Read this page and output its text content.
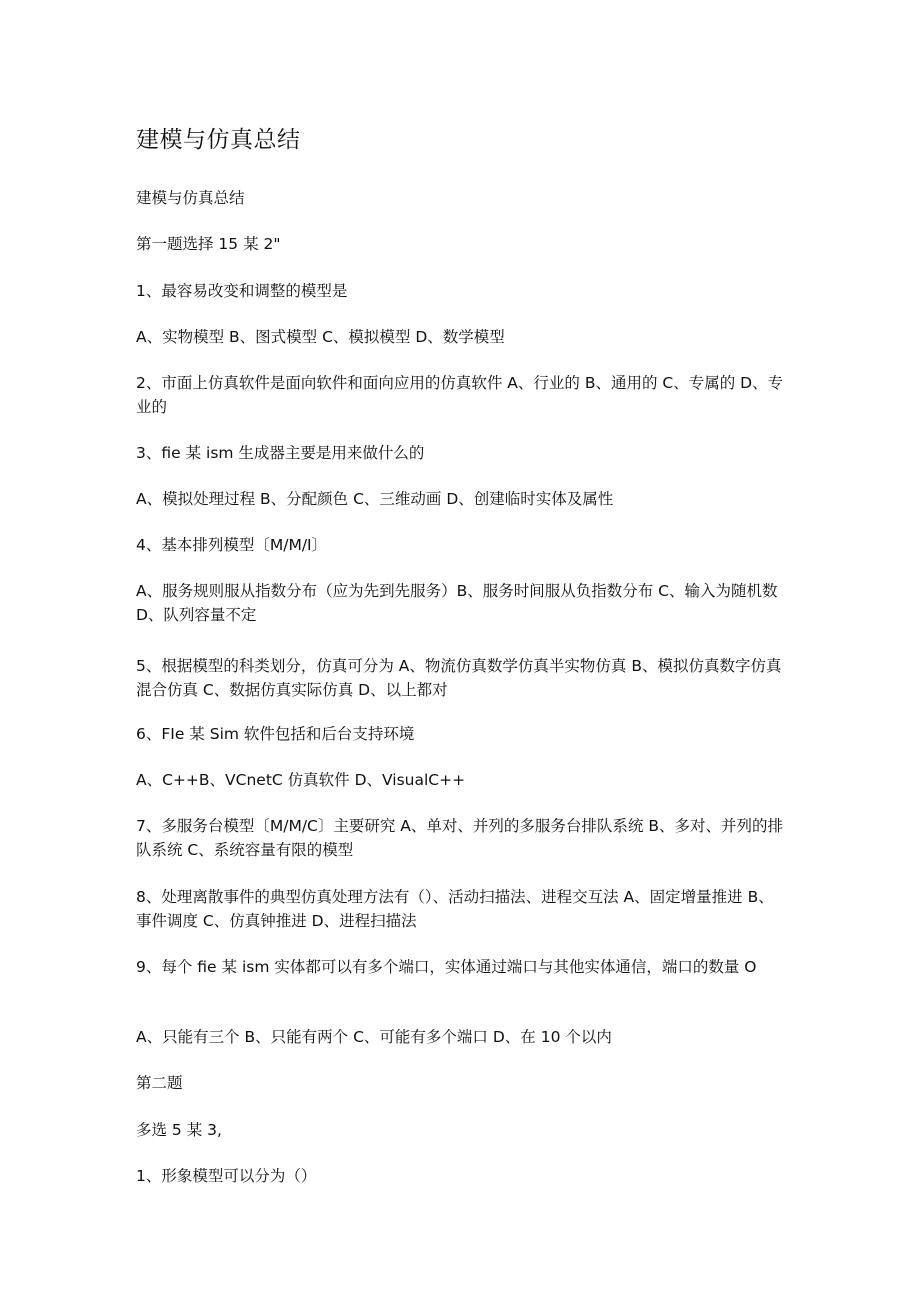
建模与仿真总结

建模与仿真总结

第一题选择 15 某 2"

1、最容易改变和调整的模型是

A、实物模型 B、图式模型 C、模拟模型 D、数学模型

2、市面上仿真软件是面向软件和面向应用的仿真软件 A、行业的 B、通用的 C、专属的 D、专业的

3、fie 某 ism 生成器主要是用来做什么的

A、模拟处理过程 B、分配颜色 C、三维动画 D、创建临时实体及属性

4、基本排列模型〔M/M/I〕

A、服务规则服从指数分布（应为先到先服务）B、服务时间服从负指数分布 C、输入为随机数 D、队列容量不定

5、根据模型的科类划分，仿真可分为 A、物流仿真数学仿真半实物仿真 B、模拟仿真数字仿真混合仿真 C、数据仿真实际仿真 D、以上都对

6、FIe 某 Sim 软件包括和后台支持环境

A、C++B、VCnetC 仿真软件 D、VisualC++

7、多服务台模型〔M/M/C〕主要研究 A、单对、并列的多服务台排队系统 B、多对、并列的排队系统 C、系统容量有限的模型

8、处理离散事件的典型仿真处理方法有（）、活动扫描法、进程交互法 A、固定增量推进 B、事件调度 C、仿真钟推进 D、进程扫描法

9、每个 fie 某 ism 实体都可以有多个端口，实体通过端口与其他实体通信，端口的数量 O

A、只能有三个 B、只能有两个 C、可能有多个端口 D、在 10 个以内

第二题

多选 5 某 3,

1、形象模型可以分为（）
